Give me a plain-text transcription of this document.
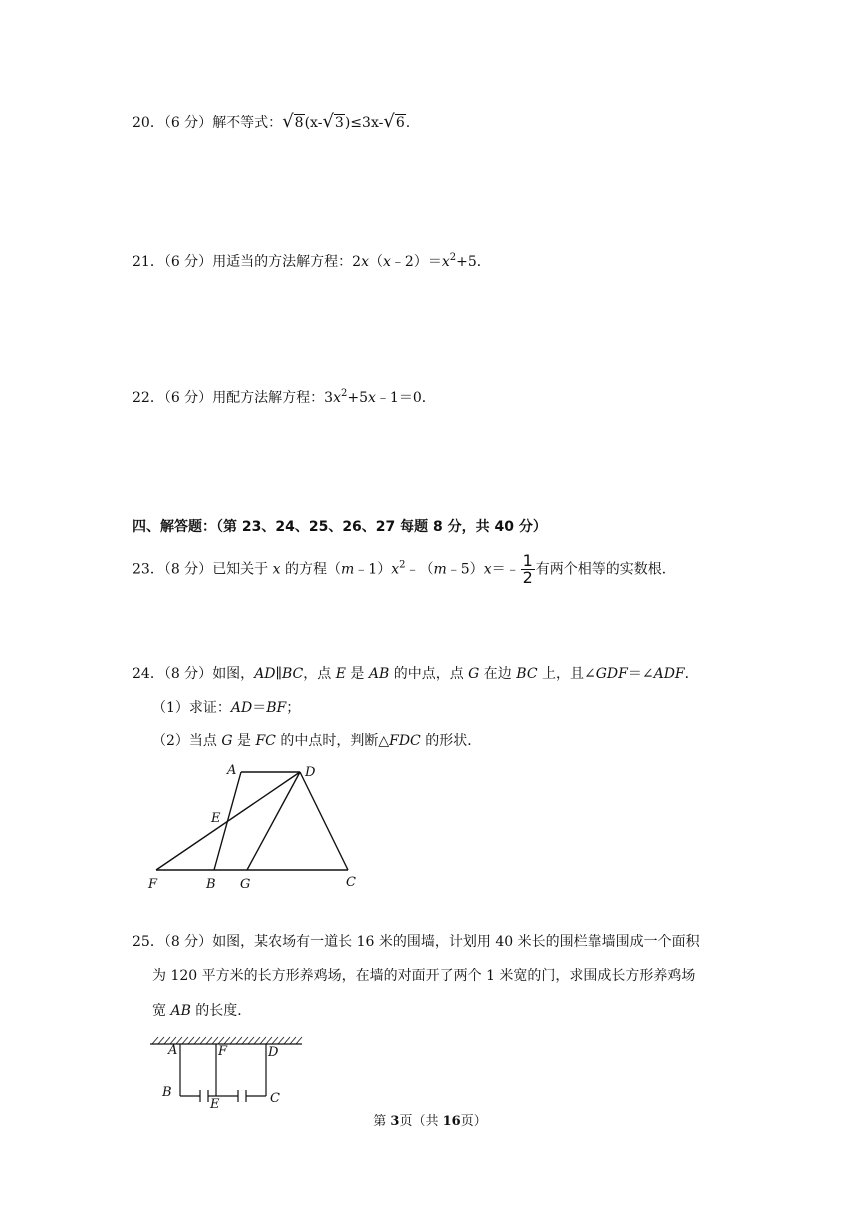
20．（6 分）解不等式：√8(x-√3)≤3x-√6.
21．（6 分）用适当的方法解方程：$2x(x﹣2)=x^2+5$．
22．（6 分）用配方法解方程：$3x^2+5x﹣1=0$．
四、解答题：（第 23、24、25、26、27 每题 8 分，共 40 分）
23．（8 分）已知关于 x 的方程$(m﹣1)x^2﹣(m﹣5)x=﹣ \frac{1}{2}$ 有两个相等的实数根．
24．（8 分）如图，AD∥BC，点 E 是 AB 的中点，点 G 在边 BC 上，且∠GDF＝∠ADF．
（1）求证：AD＝BF；
（2）当点 G 是 FC 的中点时，判断△FDC 的形状．
A	D
E
F	B G	C
25．（8 分）如图，某农场有一道长 16 米的围墙，计划用 40 米长的围栏靠墙围成一个面积
为 120 平方米的长方形养鸡场，在墙的对面开了两个 1 米宽的门，求围成长方形养鸡场
宽 AB 的长度．
A	F	D
B
E	C
第 3页（共 16页）
